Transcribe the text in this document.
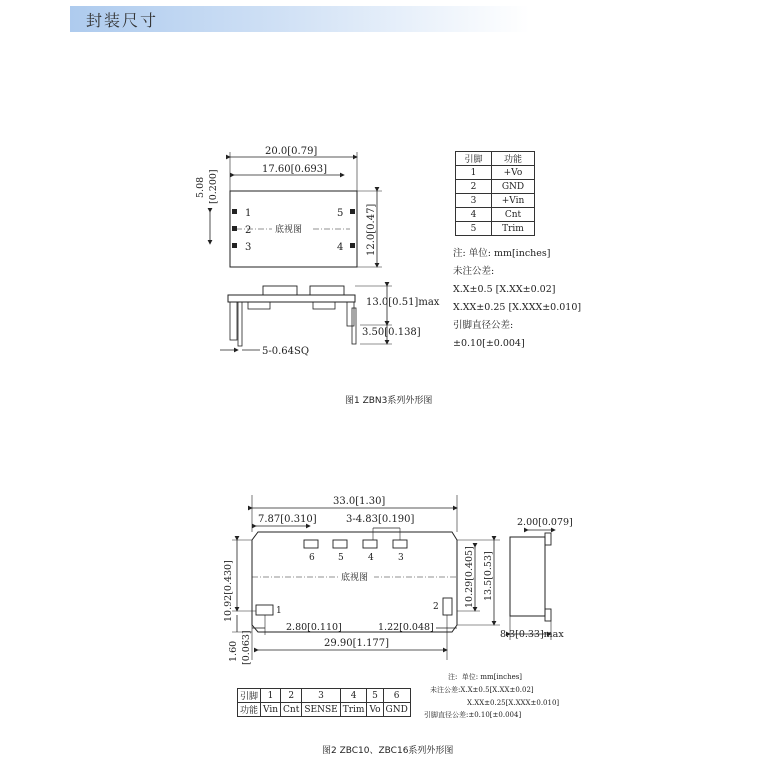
封装尺寸
20.0[0.79]
17.60[0.693]
5.08 [0.200]
1
2
3
5
4
底视图	12.0[0.47]
13.0[0.51]max
3.50[0.138]
5-0.64SQ
引脚	功能
1	+Vo
2	GND
3	+Vin
4	Cnt
5	Trim
注: 单位: mm[inches]
未注公差:
X.X±0.5 [X.XX±0.02]
X.XX±0.25 [X.XXX±0.010]
引脚直径公差:
±0.10[±0.004]
图1 ZBN3系列外形图
33.0[1.30]
7.87[0.310]	3-4.83[0.190]
6	5	4	3
底视图
1	2
10.92[0.430]	10.29[0.405] 13.5[0.53]
2.80[0.110]	1.22[0.048]
29.90[1.177]
1.60 [0.063]
2.00[0.079]
8.3[0.33]max
注:  单位: mm[inches]
未注公差:X.X±0.5[X.XX±0.02]
X.XX±0.25[X.XXX±0.010]
引脚直径公差:±0.10[±0.004]
引脚	1	2	3	4	5	6
功能	Vin	Cnt	SENSE	Trim	Vo	GND
图2 ZBC10、ZBC16系列外形图
